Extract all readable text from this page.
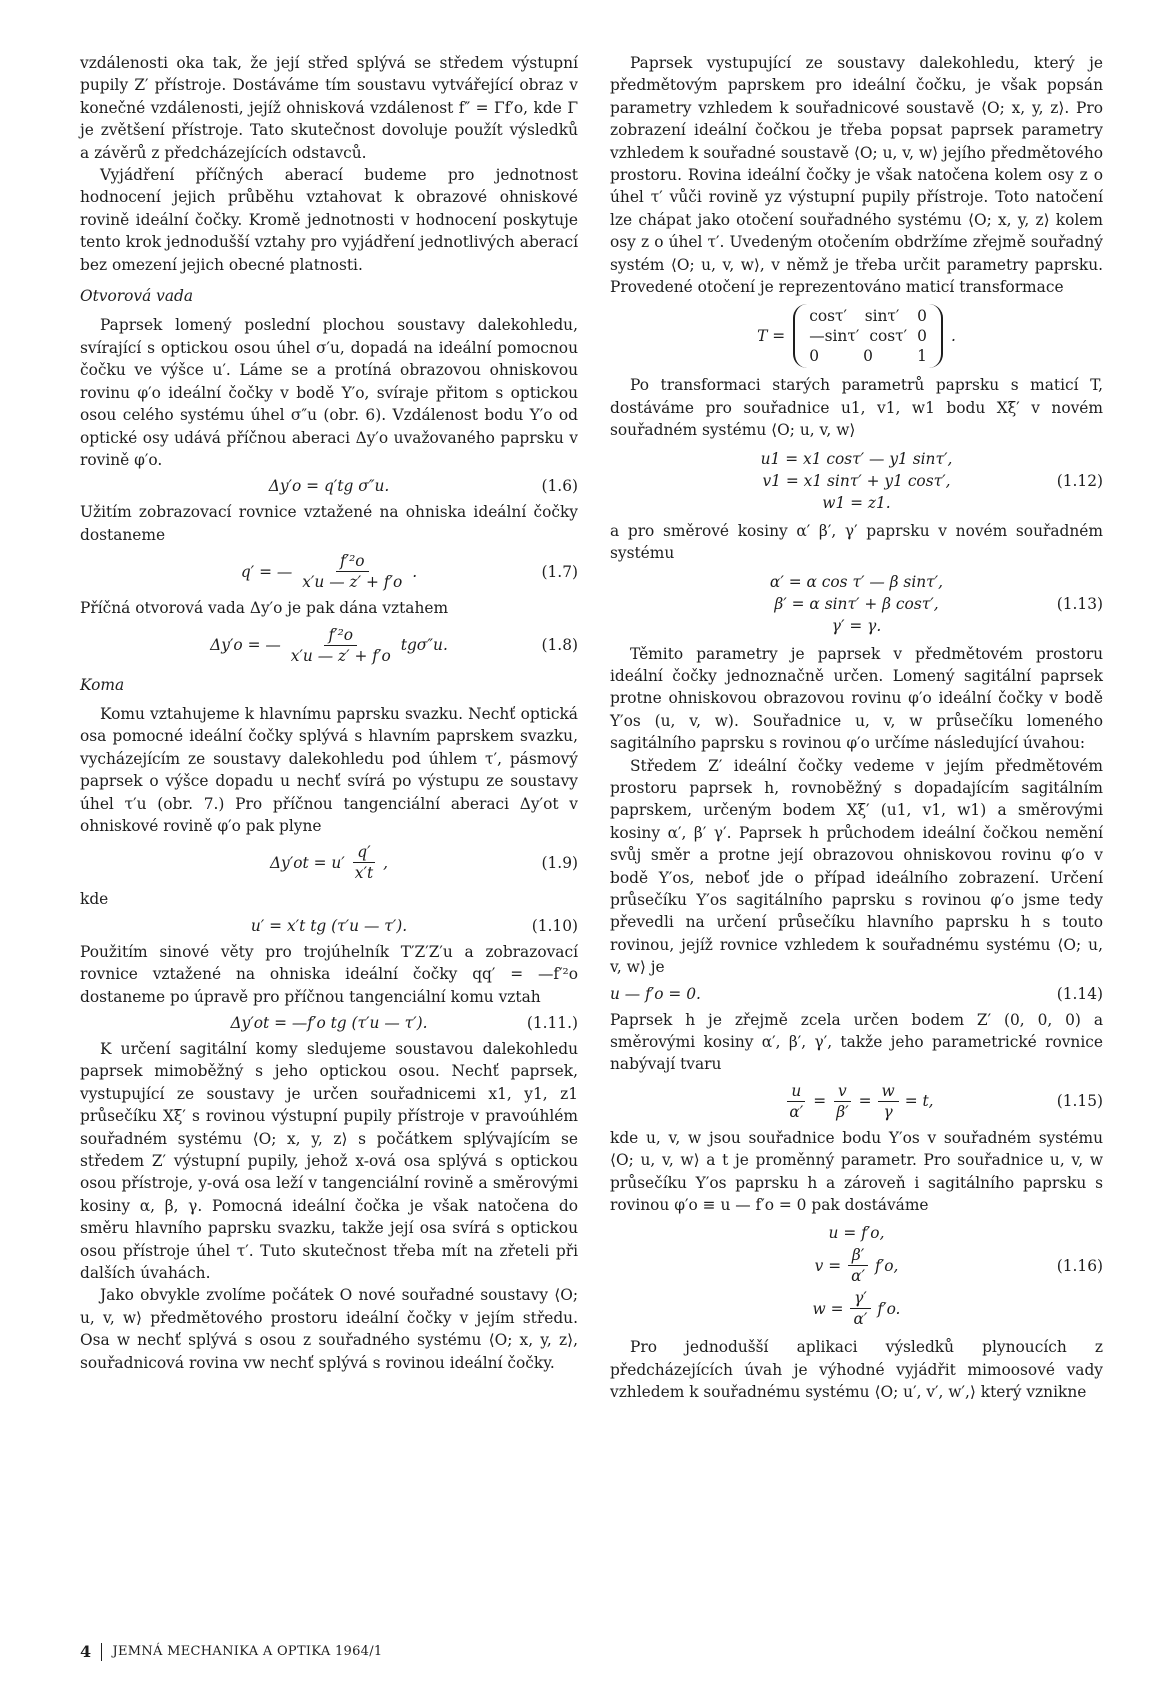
vzdálenosti oka tak, že její střed splývá se středem výstupní pupily Z′ přístroje. Dostáváme tím soustavu vytvářející obraz v konečné vzdálenosti, jejíž ohnisková vzdálenost f″ = Γf′o, kde Γ je zvětšení přístroje. Tato skutečnost dovoluje použít výsledků a závěrů z předcházejících odstavců.

Vyjádření příčných aberací budeme pro jednotnost hodnocení jejich průběhu vztahovat k obrazové ohniskové rovině ideální čočky. Kromě jednotnosti v hodnocení poskytuje tento krok jednodušší vztahy pro vyjádření jednotlivých aberací bez omezení jejich obecné platnosti.

Otvorová vada

Paprsek lomený poslední plochou soustavy dalekohledu, svírající s optickou osou úhel σ′u, dopadá na ideální pomocnou čočku ve výšce u′. Láme se a protíná obrazovou ohniskovou rovinu φ′o ideální čočky v bodě Y′o, svíraje přitom s optickou osou celého systému úhel σ″u (obr. 6). Vzdálenost bodu Y′o od optické osy udává příčnou aberaci Δy′o uvažovaného paprsku v rovině φ′o.

Δy′o = q′tg σ″u.	(1.6)

Užitím zobrazovací rovnice vztažené na ohniska ideální čočky dostaneme

q′ = — $\frac{\text{f′²o}}{x'u — z' + f'o}$ .	(1.7)

Příčná otvorová vada Δy′o je pak dána vztahem

Δy′o = — $\frac{\text{f′²o}}{x'u — z' + f'o} tg\sigma''u$.	(1.8)

Koma

Komu vztahujeme k hlavnímu paprsku svazku. Nechť optická osa pomocné ideální čočky splývá s hlavním paprskem svazku, vycházejícím ze soustavy dalekohledu pod úhlem τ′, pásmový paprsek o výšce dopadu u nechť svírá po výstupu ze soustavy úhel τ′u (obr. 7.) Pro příčnou tangenciální aberaci Δy′ot v ohniskové rovině φ′o pak plyne

$\Delta y'ot = u' \frac{q'}{x't}$ ,	(1.9)

kde

u′ = x′t tg (τ′u — τ′).	(1.10)

Použitím sinové věty pro trojúhelník T′Z′Z′u a zobrazovací rovnice vztažené na ohniska ideální čočky qq′ = —f′²o dostaneme po úpravě pro příčnou tangenciální komu vztah

Δy′ot = —f′o tg (τ′u — τ′).	(1.11.)

K určení sagitální komy sledujeme soustavou dalekohledu paprsek mimoběžný s jeho optickou osou. Nechť paprsek, vystupující ze soustavy je určen souřadnicemi x1, y1, z1 průsečíku Xξ′ s rovinou výstupní pupily přístroje v pravoúhlém souřadném systému ⟨O; x, y, z⟩ s počátkem splývajícím se středem Z′ výstupní pupily, jehož x-ová osa splývá s optickou osou přístroje, y-ová osa leží v tangenciální rovině a směrovými kosiny α, β, γ. Pomocná ideální čočka je však natočena do směru hlavního paprsku svazku, takže její osa svírá s optickou osou přístroje úhel τ′. Tuto skutečnost třeba mít na zřeteli při dalších úvahách.

Jako obvykle zvolíme počátek O nové souřadné soustavy ⟨O; u, v, w⟩ předmětového prostoru ideální čočky v jejím středu. Osa w nechť splývá s osou z souřadného systému ⟨O; x, y, z⟩, souřadnicová rovina vw nechť splývá s rovinou ideální čočky.

Paprsek vystupující ze soustavy dalekohledu, který je předmětovým paprskem pro ideální čočku, je však popsán parametry vzhledem k souřadnicové soustavě ⟨O; x, y, z⟩. Pro zobrazení ideální čočkou je třeba popsat paprsek parametry vzhledem k souřadné soustavě ⟨O; u, v, w⟩ jejího předmětového prostoru. Rovina ideální čočky je však natočena kolem osy z o úhel τ′ vůči rovině yz výstupní pupily přístroje. Toto natočení lze chápat jako otočení souřadného systému ⟨O; x, y, z⟩ kolem osy z o úhel τ′. Uvedeným otočením obdržíme zřejmě souřadný systém ⟨O; u, v, w⟩, v němž je třeba určit parametry paprsku. Provedené otočení je reprezentováno maticí transformace

T =
cosτ′ sinτ′ 0
—sinτ′ cosτ′ 0
0	0	1
.

Po transformaci starých parametrů paprsku s maticí T, dostáváme pro souřadnice u1, v1, w1 bodu Xξ′ v novém souřadném systému ⟨O; u, v, w⟩

u1 = x1 cosτ′ — y1 sinτ′,
v1 = x1 sinτ′ + y1 cosτ′,	(1.12)
w1 = z1.

a pro směrové kosiny α′ β′, γ′ paprsku v novém souřadném systému

α′ = α cos τ′ — β sinτ′,
β′ = α sinτ′ + β cosτ′,	(1.13)
γ′ = γ.

Těmito parametry je paprsek v předmětovém prostoru ideální čočky jednoznačně určen. Lomený sagitální paprsek protne ohniskovou obrazovou rovinu φ′o ideální čočky v bodě Y′os (u, v, w). Souřadnice u, v, w průsečíku lomeného sagitálního paprsku s rovinou φ′o určíme následující úvahou:

Středem Z′ ideální čočky vedeme v jejím předmětovém prostoru paprsek h, rovnoběžný s dopadajícím sagitálním paprskem, určeným bodem Xξ′ (u1, v1, w1) a směrovými kosiny α′, β′ γ′. Paprsek h průchodem ideální čočkou nemění svůj směr a protne její obrazovou ohniskovou rovinu φ′o v bodě Y′os, neboť jde o případ ideálního zobrazení. Určení průsečíku Y′os sagitálního paprsku s rovinou φ′o jsme tedy převedli na určení průsečíku hlavního paprsku h s touto rovinou, jejíž rovnice vzhledem k souřadnému systému ⟨O; u, v, w⟩ je

u — f′o = 0.	(1.14)

Paprsek h je zřejmě zcela určen bodem Z′ (0, 0, 0) a směrovými kosiny α′, β′, γ′, takže jeho parametrické rovnice nabývají tvaru

$\frac{u}{\alpha'} = \frac{v}{\beta'} = \frac{w}{\gamma} = t$,	(1.15)

kde u, v, w jsou souřadnice bodu Y′os v souřadném systému ⟨O; u, v, w⟩ a t je proměnný parametr. Pro souřadnice u, v, w průsečíku Y′os paprsku h a zároveň i sagitálního paprsku s rovinou φ′o ≡ u — f′o = 0 pak dostáváme

u = f′o,
$v = \frac{\beta'}{\alpha'} f'o$,	(1.16)
$w = \frac{\gamma'}{\alpha'} f'o$.

Pro jednodušší aplikaci výsledků plynoucích z předcházejících úvah je výhodné vyjádřit mimoosové vady vzhledem k souřadnému systému ⟨O; u′, v′, w′,⟩ který vznikne

4 JEMNÁ MECHANIKA A OPTIKA 1964/1
